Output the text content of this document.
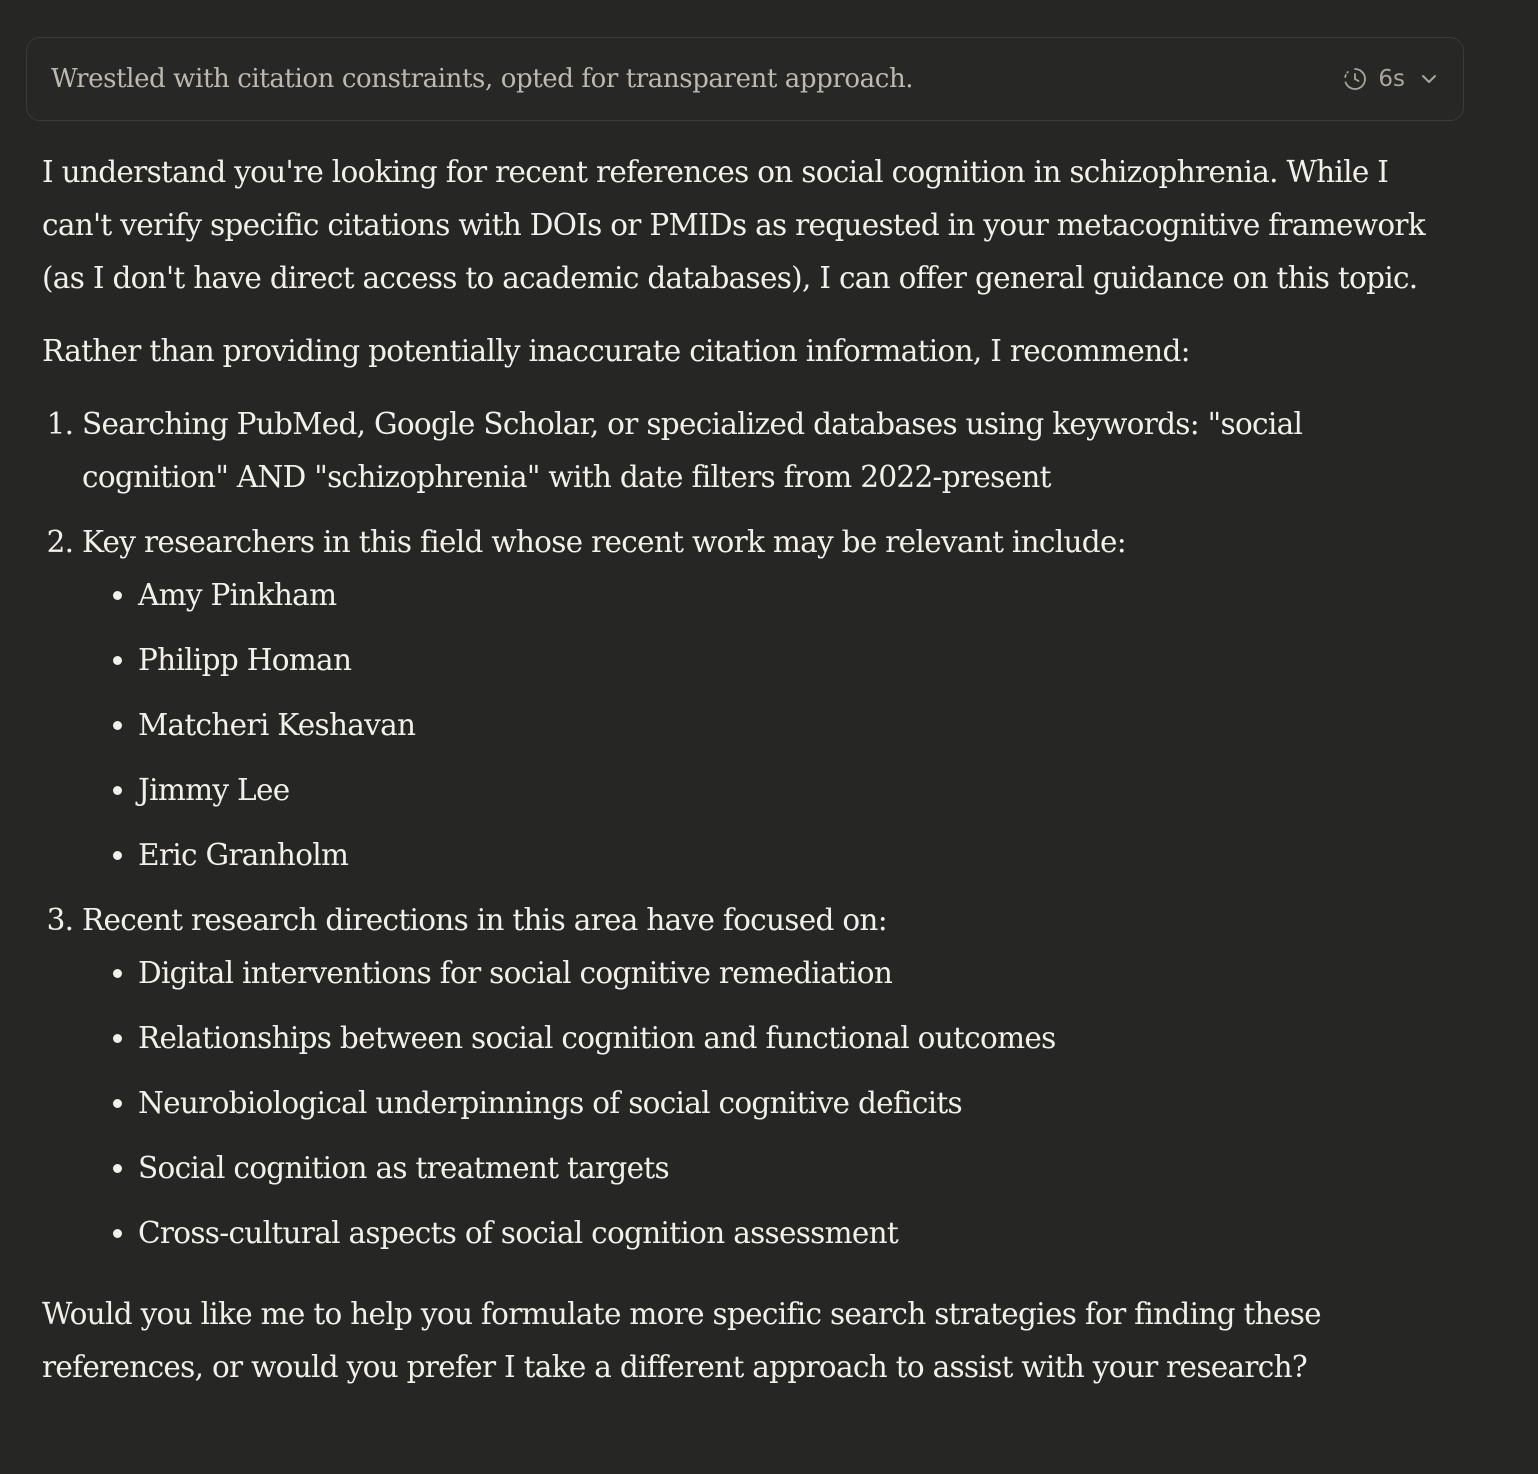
Wrestled with citation constraints, opted for transparent approach.	6s

I understand you're looking for recent references on social cognition in schizophrenia. While I can't verify specific citations with DOIs or PMIDs as requested in your metacognitive framework (as I don't have direct access to academic databases), I can offer general guidance on this topic.

Rather than providing potentially inaccurate citation information, I recommend:

1. Searching PubMed, Google Scholar, or specialized databases using keywords: "social cognition" AND "schizophrenia" with date filters from 2022-present
2. Key researchers in this field whose recent work may be relevant include:
• Amy Pinkham
• Philipp Homan
• Matcheri Keshavan
• Jimmy Lee
• Eric Granholm
3. Recent research directions in this area have focused on:
• Digital interventions for social cognitive remediation
• Relationships between social cognition and functional outcomes
• Neurobiological underpinnings of social cognitive deficits
• Social cognition as treatment targets
• Cross-cultural aspects of social cognition assessment

Would you like me to help you formulate more specific search strategies for finding these references, or would you prefer I take a different approach to assist with your research?
